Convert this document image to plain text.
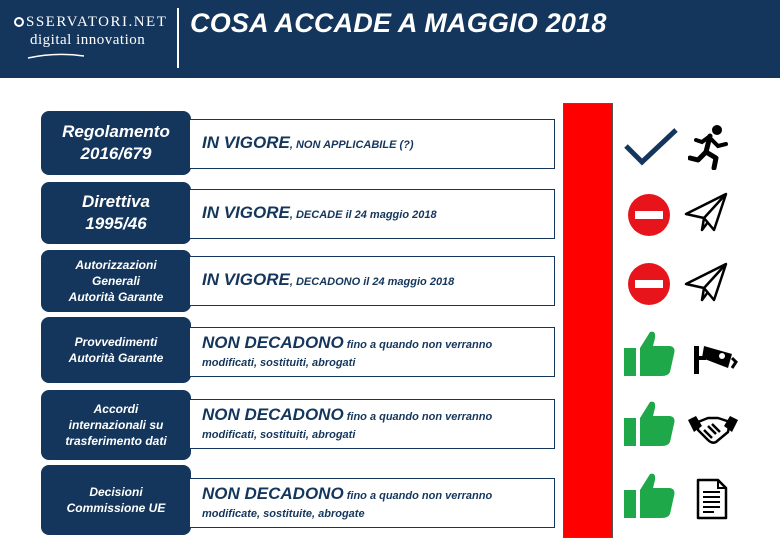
SSERVATORI.NET
digital innovation
COSA ACCADE A MAGGIO 2018
Regolamento
2016/679
IN VIGORE, NON APPLICABILE (?)
Direttiva
1995/46
IN VIGORE, DECADE il 24 maggio 2018
Autorizzazioni
Generali
Autorità Garante
IN VIGORE, DECADONO il 24 maggio 2018
Provvedimenti
Autorità Garante
NON DECADONO fino a quando non verranno
modificati, sostituiti, abrogati
Accordi
internazionali su
trasferimento dati
NON DECADONO fino a quando non verranno
modificati, sostituiti, abrogati
Decisioni
Commissione UE
NON DECADONO fino a quando non verranno
modificate, sostituite, abrogate
